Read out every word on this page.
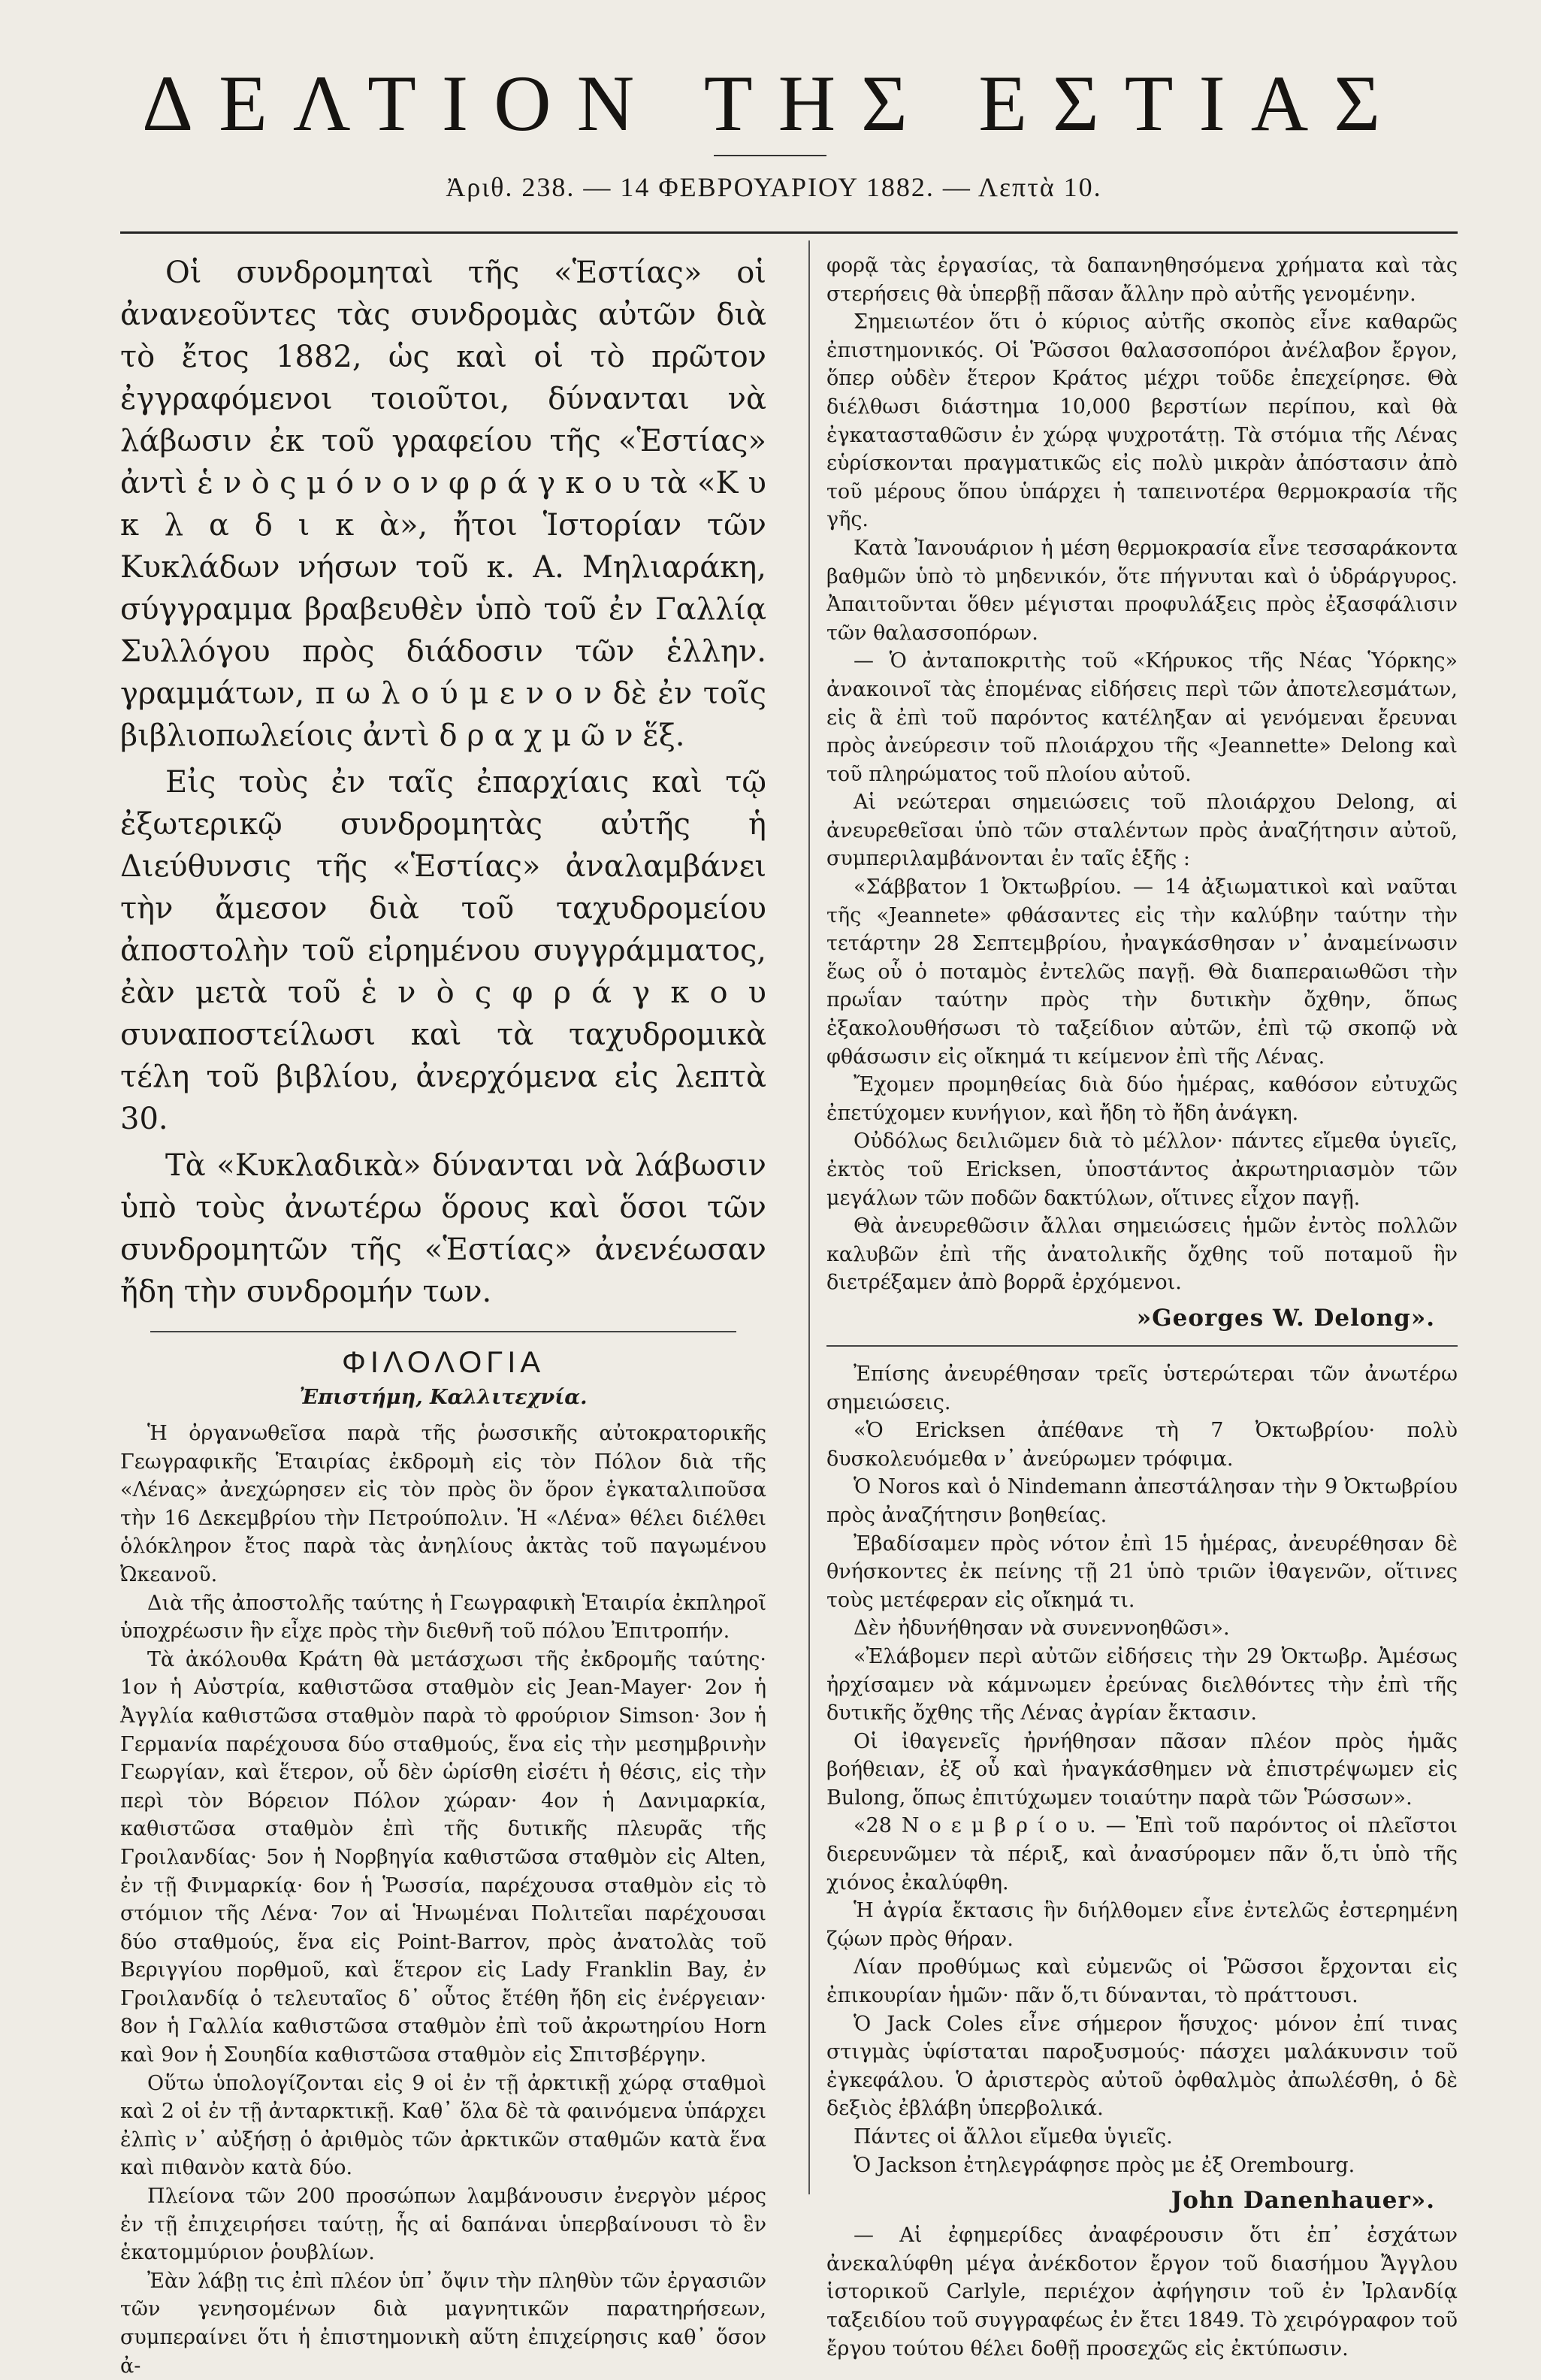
ΔΕΛΤΙΟΝ ΤΗΣ ΕΣΤΙΑΣ
Ἀριθ. 238. — 14 ΦΕΒΡΟΥΑΡΙΟΥ 1882. — Λεπτὰ 10.

Οἱ συνδρομηταὶ τῆς «Ἑστίας» οἱ ἀνανεοῦντες τὰς συνδρομὰς αὐτῶν διὰ τὸ ἔτος 1882, ὡς καὶ οἱ τὸ πρῶτον ἐγγραφόμενοι τοιοῦτοι, δύνανται νὰ λάβωσιν ἐκ τοῦ γραφείου τῆς «Ἑστίας» ἀντὶ ἑ ν ὸ ς μ ό ν ο ν φ ρ ά γ κ ο υ τὰ «Κ υ κ λ α δ ι κ ὰ», ἤτοι Ἱστορίαν τῶν Κυκλάδων νήσων τοῦ κ. Α. Μηλιαράκη, σύγγραμμα βραβευθὲν ὑπὸ τοῦ ἐν Γαλλίᾳ Συλλόγου πρὸς διάδοσιν τῶν ἑλλην. γραμμάτων, π ω λ ο ύ μ ε ν ο ν δὲ ἐν τοῖς βιβλιοπωλείοις ἀντὶ δ ρ α χ μ ῶ ν ἕξ.

Εἰς τοὺς ἐν ταῖς ἐπαρχίαις καὶ τῷ ἐξωτερικῷ συνδρομητὰς αὐτῆς ἡ Διεύθυνσις τῆς «Ἑστίας» ἀναλαμβάνει τὴν ἄμεσον διὰ τοῦ ταχυδρομείου ἀποστολὴν τοῦ εἰρημένου συγγράμματος, ἐὰν μετὰ τοῦ ἑ ν ὸ ς φ ρ ά γ κ ο υ συναποστείλωσι καὶ τὰ ταχυδρομικὰ τέλη τοῦ βιβλίου, ἀνερχόμενα εἰς λεπτὰ 30.

Τὰ «Κυκλαδικὰ» δύνανται νὰ λάβωσιν ὑπὸ τοὺς ἀνωτέρω ὅρους καὶ ὅσοι τῶν συνδρομητῶν τῆς «Ἑστίας» ἀνενέωσαν ἤδη τὴν συνδρομήν των.

ΦΙΛΟΛΟΓΙΑ
Ἐπιστήμη, Καλλιτεχνία.

Ἡ ὀργανωθεῖσα παρὰ τῆς ῥωσσικῆς αὐτοκρατορικῆς Γεωγραφικῆς Ἑταιρίας ἐκδρομὴ εἰς τὸν Πόλον διὰ τῆς «Λένας» ἀνεχώρησεν εἰς τὸν πρὸς ὃν ὅρον ἐγκαταλιποῦσα τὴν 16 Δεκεμβρίου τὴν Πετρούπολιν. Ἡ «Λένα» θέλει διέλθει ὁλόκληρον ἔτος παρὰ τὰς ἀνηλίους ἀκτὰς τοῦ παγωμένου Ὠκεανοῦ.

Διὰ τῆς ἀποστολῆς ταύτης ἡ Γεωγραφικὴ Ἑταιρία ἐκπληροῖ ὑποχρέωσιν ἣν εἶχε πρὸς τὴν διεθνῆ τοῦ πόλου Ἐπιτροπήν.

Τὰ ἀκόλουθα Κράτη θὰ μετάσχωσι τῆς ἐκδρομῆς ταύτης· 1ον ἡ Αὐστρία, καθιστῶσα σταθμὸν εἰς Jean-Mayer· 2ον ἡ Ἀγγλία καθιστῶσα σταθμὸν παρὰ τὸ φρούριον Simson· 3ον ἡ Γερμανία παρέχουσα δύο σταθμούς, ἕνα εἰς τὴν μεσημβρινὴν Γεωργίαν, καὶ ἕτερον, οὗ δὲν ὡρίσθη εἰσέτι ἡ θέσις, εἰς τὴν περὶ τὸν Βόρειον Πόλον χώραν· 4ον ἡ Δανιμαρκία, καθιστῶσα σταθμὸν ἐπὶ τῆς δυτικῆς πλευρᾶς τῆς Γροιλανδίας· 5ον ἡ Νορβηγία καθιστῶσα σταθμὸν εἰς Alten, ἐν τῇ Φινμαρκίᾳ· 6ον ἡ Ῥωσσία, παρέχουσα σταθμὸν εἰς τὸ στόμιον τῆς Λένα· 7ον αἱ Ἡνωμέναι Πολιτεῖαι παρέχουσαι δύο σταθμούς, ἕνα εἰς Point-Barrov, πρὸς ἀνατολὰς τοῦ Βεριγγίου πορθμοῦ, καὶ ἕτερον εἰς Lady Franklin Bay, ἐν Γροιλανδίᾳ ὁ τελευταῖος δ᾽ οὗτος ἔτέθη ἤδη εἰς ἐνέργειαν· 8ον ἡ Γαλλία καθιστῶσα σταθμὸν ἐπὶ τοῦ ἀκρωτηρίου Horn καὶ 9ον ἡ Σουηδία καθιστῶσα σταθμὸν εἰς Σπιτσβέργην.

Οὕτω ὑπολογίζονται εἰς 9 οἱ ἐν τῇ ἀρκτικῇ χώρᾳ σταθμοὶ καὶ 2 οἱ ἐν τῇ ἀνταρκτικῇ. Καθ᾽ ὅλα δὲ τὰ φαινόμενα ὑπάρχει ἐλπὶς ν᾽ αὐξήσῃ ὁ ἀριθμὸς τῶν ἀρκτικῶν σταθμῶν κατὰ ἕνα καὶ πιθανὸν κατὰ δύο.

Πλείονα τῶν 200 προσώπων λαμβάνουσιν ἐνεργὸν μέρος ἐν τῇ ἐπιχειρήσει ταύτῃ, ἧς αἱ δαπάναι ὑπερβαίνουσι τὸ ἓν ἑκατομμύριον ῥουβλίων.

Ἐὰν λάβῃ τις ἐπὶ πλέον ὑπ᾽ ὄψιν τὴν πληθὺν τῶν ἐργασιῶν τῶν γενησομένων διὰ μαγνητικῶν παρατηρήσεων, συμπεραίνει ὅτι ἡ ἐπιστημονικὴ αὕτη ἐπιχείρησις καθ᾽ ὅσον ἀ-

φορᾷ τὰς ἐργασίας, τὰ δαπανηθησόμενα χρήματα καὶ τὰς στερήσεις θὰ ὑπερβῇ πᾶσαν ἄλλην πρὸ αὐτῆς γενομένην.

Σημειωτέον ὅτι ὁ κύριος αὐτῆς σκοπὸς εἶνε καθαρῶς ἐπιστημονικός. Οἱ Ῥῶσσοι θαλασσοπόροι ἀνέλαβον ἔργον, ὅπερ οὐδὲν ἕτερον Κράτος μέχρι τοῦδε ἐπεχείρησε. Θὰ διέλθωσι διάστημα 10,000 βερστίων περίπου, καὶ θὰ ἐγκατασταθῶσιν ἐν χώρᾳ ψυχροτάτῃ. Τὰ στόμια τῆς Λένας εὑρίσκονται πραγματικῶς εἰς πολὺ μικρὰν ἀπόστασιν ἀπὸ τοῦ μέρους ὅπου ὑπάρχει ἡ ταπεινοτέρα θερμοκρασία τῆς γῆς.

Κατὰ Ἰανουάριον ἡ μέση θερμοκρασία εἶνε τεσσαράκοντα βαθμῶν ὑπὸ τὸ μηδενικόν, ὅτε πήγνυται καὶ ὁ ὑδράργυρος. Ἀπαιτοῦνται ὅθεν μέγισται προφυλάξεις πρὸς ἐξασφάλισιν τῶν θαλασσοπόρων.

— Ὁ ἀνταποκριτὴς τοῦ «Κήρυκος τῆς Νέας Ὑόρκης» ἀνακοινοῖ τὰς ἑπομένας εἰδήσεις περὶ τῶν ἀποτελεσμάτων, εἰς ἃ ἐπὶ τοῦ παρόντος κατέληξαν αἱ γενόμεναι ἔρευναι πρὸς ἀνεύρεσιν τοῦ πλοιάρχου τῆς «Jeannette» Delong καὶ τοῦ πληρώματος τοῦ πλοίου αὐτοῦ.

Αἱ νεώτεραι σημειώσεις τοῦ πλοιάρχου Delong, αἱ ἀνευρεθεῖσαι ὑπὸ τῶν σταλέντων πρὸς ἀναζήτησιν αὐτοῦ, συμπεριλαμβάνονται ἐν ταῖς ἑξῆς :

«Σάββατον 1 Ὀκτωβρίου. — 14 ἀξιωματικοὶ καὶ ναῦται τῆς «Jeannete» φθάσαντες εἰς τὴν καλύβην ταύτην τὴν τετάρτην 28 Σεπτεμβρίου, ἠναγκάσθησαν ν᾽ ἀναμείνωσιν ἕως οὗ ὁ ποταμὸς ἐντελῶς παγῇ. Θὰ διαπεραιωθῶσι τὴν πρωΐαν ταύτην πρὸς τὴν δυτικὴν ὄχθην, ὅπως ἐξακολουθήσωσι τὸ ταξείδιον αὐτῶν, ἐπὶ τῷ σκοπῷ νὰ φθάσωσιν εἰς οἴκημά τι κείμενον ἐπὶ τῆς Λένας.

Ἔχομεν προμηθείας διὰ δύο ἡμέρας, καθόσον εὐτυχῶς ἐπετύχομεν κυνήγιον, καὶ ἤδη τὸ ἤδη ἀνάγκη.

Οὐδόλως δειλιῶμεν διὰ τὸ μέλλον· πάντες εἴμεθα ὑγιεῖς, ἐκτὸς τοῦ Ericksen, ὑποστάντος ἀκρωτηριασμὸν τῶν μεγάλων τῶν ποδῶν δακτύλων, οἵτινες εἶχον παγῇ.

Θὰ ἀνευρεθῶσιν ἄλλαι σημειώσεις ἡμῶν ἐντὸς πολλῶν καλυβῶν ἐπὶ τῆς ἀνατολικῆς ὄχθης τοῦ ποταμοῦ ἣν διετρέξαμεν ἀπὸ βορρᾶ ἐρχόμενοι.

»Georges W. Delong».

Ἐπίσης ἀνευρέθησαν τρεῖς ὑστερώτεραι τῶν ἀνωτέρω σημειώσεις.

«Ὁ Ericksen ἀπέθανε τὴ 7 Ὀκτωβρίου· πολὺ δυσκολευόμεθα ν᾽ ἀνεύρωμεν τρόφιμα.

Ὁ Noros καὶ ὁ Nindemann ἀπεστάλησαν τὴν 9 Ὀκτωβρίου πρὸς ἀναζήτησιν βοηθείας.

Ἐβαδίσαμεν πρὸς νότον ἐπὶ 15 ἡμέρας, ἀνευρέθησαν δὲ θνήσκοντες ἐκ πείνης τῇ 21 ὑπὸ τριῶν ἰθαγενῶν, οἵτινες τοὺς μετέφεραν εἰς οἴκημά τι.

Δὲν ἠδυνήθησαν νὰ συνεννοηθῶσι».

«Ἐλάβομεν περὶ αὐτῶν εἰδήσεις τὴν 29 Ὀκτωβρ. Ἀμέσως ἠρχίσαμεν νὰ κάμνωμεν ἐρεύνας διελθόντες τὴν ἐπὶ τῆς δυτικῆς ὄχθης τῆς Λένας ἀγρίαν ἔκτασιν.

Οἱ ἰθαγενεῖς ἠρνήθησαν πᾶσαν πλέον πρὸς ἡμᾶς βοήθειαν, ἐξ οὗ καὶ ἠναγκάσθημεν νὰ ἐπιστρέψωμεν εἰς Bulong, ὅπως ἐπιτύχωμεν τοιαύτην παρὰ τῶν Ῥώσσων».

«28 Ν ο ε μ β ρ ί ο υ. — Ἐπὶ τοῦ παρόντος οἱ πλεῖστοι διερευνῶμεν τὰ πέριξ, καὶ ἀνασύρομεν πᾶν ὅ,τι ὑπὸ τῆς χιόνος ἐκαλύφθη.

Ἡ ἀγρία ἔκτασις ἣν διήλθομεν εἶνε ἐντελῶς ἐστερημένη ζῴων πρὸς θήραν.

Λίαν προθύμως καὶ εὐμενῶς οἱ Ῥῶσσοι ἔρχονται εἰς ἐπικουρίαν ἡμῶν· πᾶν ὅ,τι δύνανται, τὸ πράττουσι.

Ὁ Jack Coles εἶνε σήμερον ἥσυχος· μόνον ἐπί τινας στιγμὰς ὑφίσταται παροξυσμούς· πάσχει μαλάκυνσιν τοῦ ἐγκεφάλου. Ὁ ἀριστερὸς αὐτοῦ ὀφθαλμὸς ἀπωλέσθη, ὁ δὲ δεξιὸς ἐβλάβη ὑπερβολικά.

Πάντες οἱ ἄλλοι εἴμεθα ὑγιεῖς.

Ὁ Jackson ἐτηλεγράφησε πρὸς με ἐξ Orembourg.

John Danenhauer».

— Αἱ ἐφημερίδες ἀναφέρουσιν ὅτι ἐπ᾽ ἐσχάτων ἀνεκαλύφθη μέγα ἀνέκδοτον ἔργον τοῦ διασήμου Ἄγγλου ἱστορικοῦ Carlyle, περιέχον ἀφήγησιν τοῦ ἐν Ἰρλανδίᾳ ταξειδίου τοῦ συγγραφέως ἐν ἔτει 1849. Τὸ χειρόγραφον τοῦ ἔργου τούτου θέλει δοθῇ προσεχῶς εἰς ἐκτύπωσιν.
